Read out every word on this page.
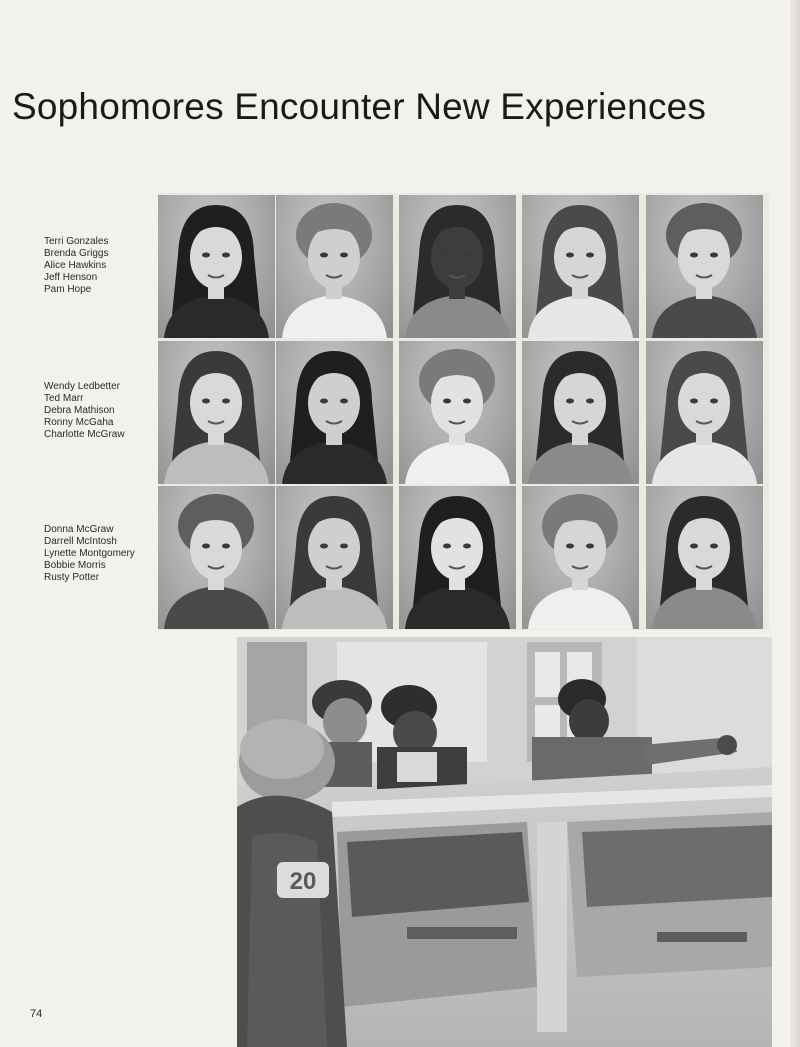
Sophomores Encounter New Experiences
Terri Gonzales
Brenda Griggs
Alice Hawkins
Jeff Henson
Pam Hope
Wendy Ledbetter
Ted Marr
Debra Mathison
Ronny McGaha
Charlotte McGraw
Donna McGraw
Darrell McIntosh
Lynette Montgomery
Bobbie Morris
Rusty Potter
20
74
